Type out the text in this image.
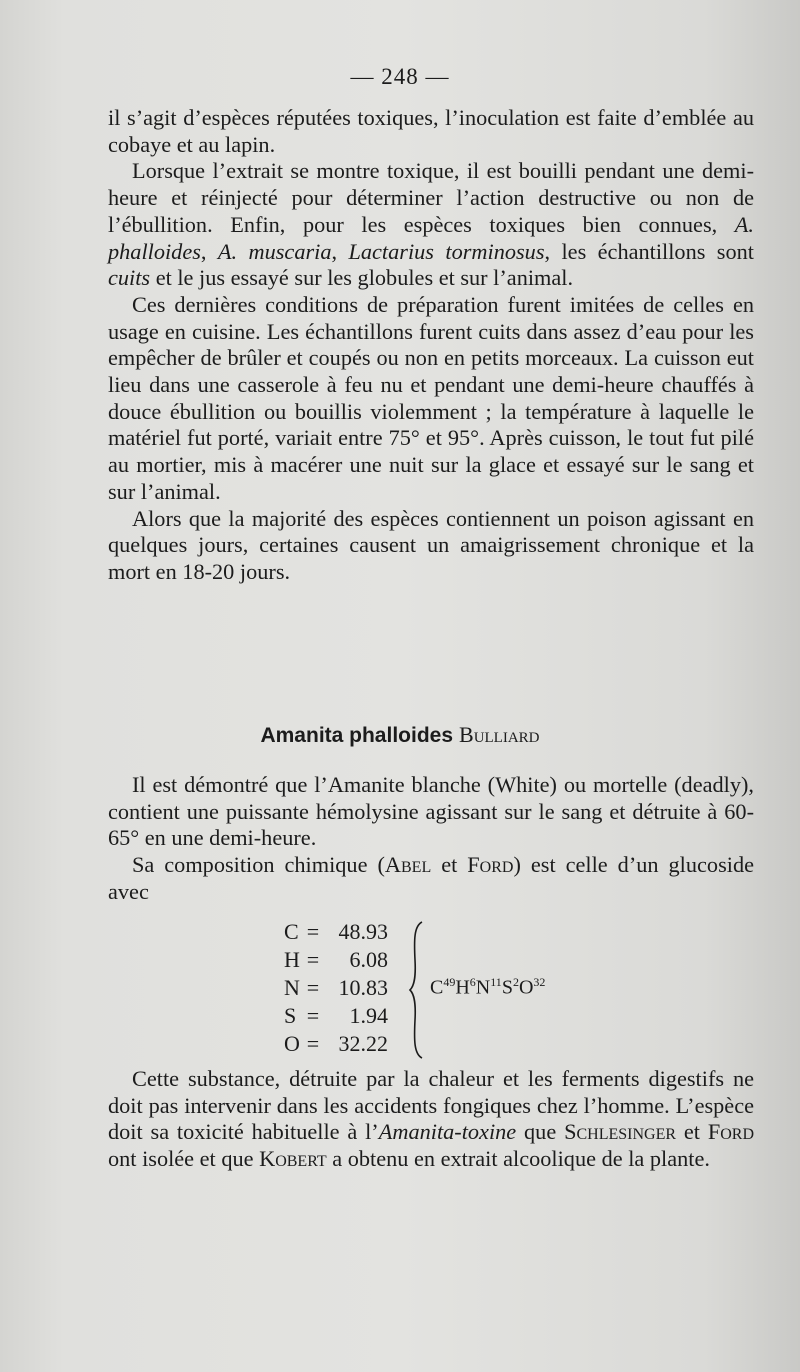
— 248 —

il s’agit d’espèces réputées toxiques, l’inoculation est faite d’emblée au cobaye et au lapin.

Lorsque l’extrait se montre toxique, il est bouilli pendant une demi-heure et réinjecté pour déterminer l’action destructive ou non de l’ébullition. Enfin, pour les espèces toxiques bien connues, A. phalloides, A. muscaria, Lactarius torminosus, les échantillons sont cuits et le jus essayé sur les globules et sur l’animal.

Ces dernières conditions de préparation furent imitées de celles en usage en cuisine. Les échantillons furent cuits dans assez d’eau pour les empêcher de brûler et coupés ou non en petits morceaux. La cuisson eut lieu dans une casserole à feu nu et pendant une demi-heure chauffés à douce ébullition ou bouillis violemment ; la température à laquelle le matériel fut porté, variait entre 75° et 95°. Après cuisson, le tout fut pilé au mortier, mis à macérer une nuit sur la glace et essayé sur le sang et sur l’animal.

Alors que la majorité des espèces contiennent un poison agissant en quelques jours, certaines causent un amaigrissement chronique et la mort en 18-20 jours.

Amanita phalloides Bulliard

Il est démontré que l’Amanite blanche (White) ou mortelle (deadly), contient une puissante hémolysine agissant sur le sang et détruite à 60-65° en une demi-heure.

Sa composition chimique (Abel et Ford) est celle d’un glucoside avec

C = 48.93
H = 6.08
N = 10.83
S = 1.94
O = 32.22
$C^{49}H^6N^{11}S^2O^{32}$

Cette substance, détruite par la chaleur et les ferments digestifs ne doit pas intervenir dans les accidents fongiques chez l’homme. L’espèce doit sa toxicité habituelle à l’Amanita-toxine que Schlesinger et Ford ont isolée et que Kobert a obtenu en extrait alcoolique de la plante.
